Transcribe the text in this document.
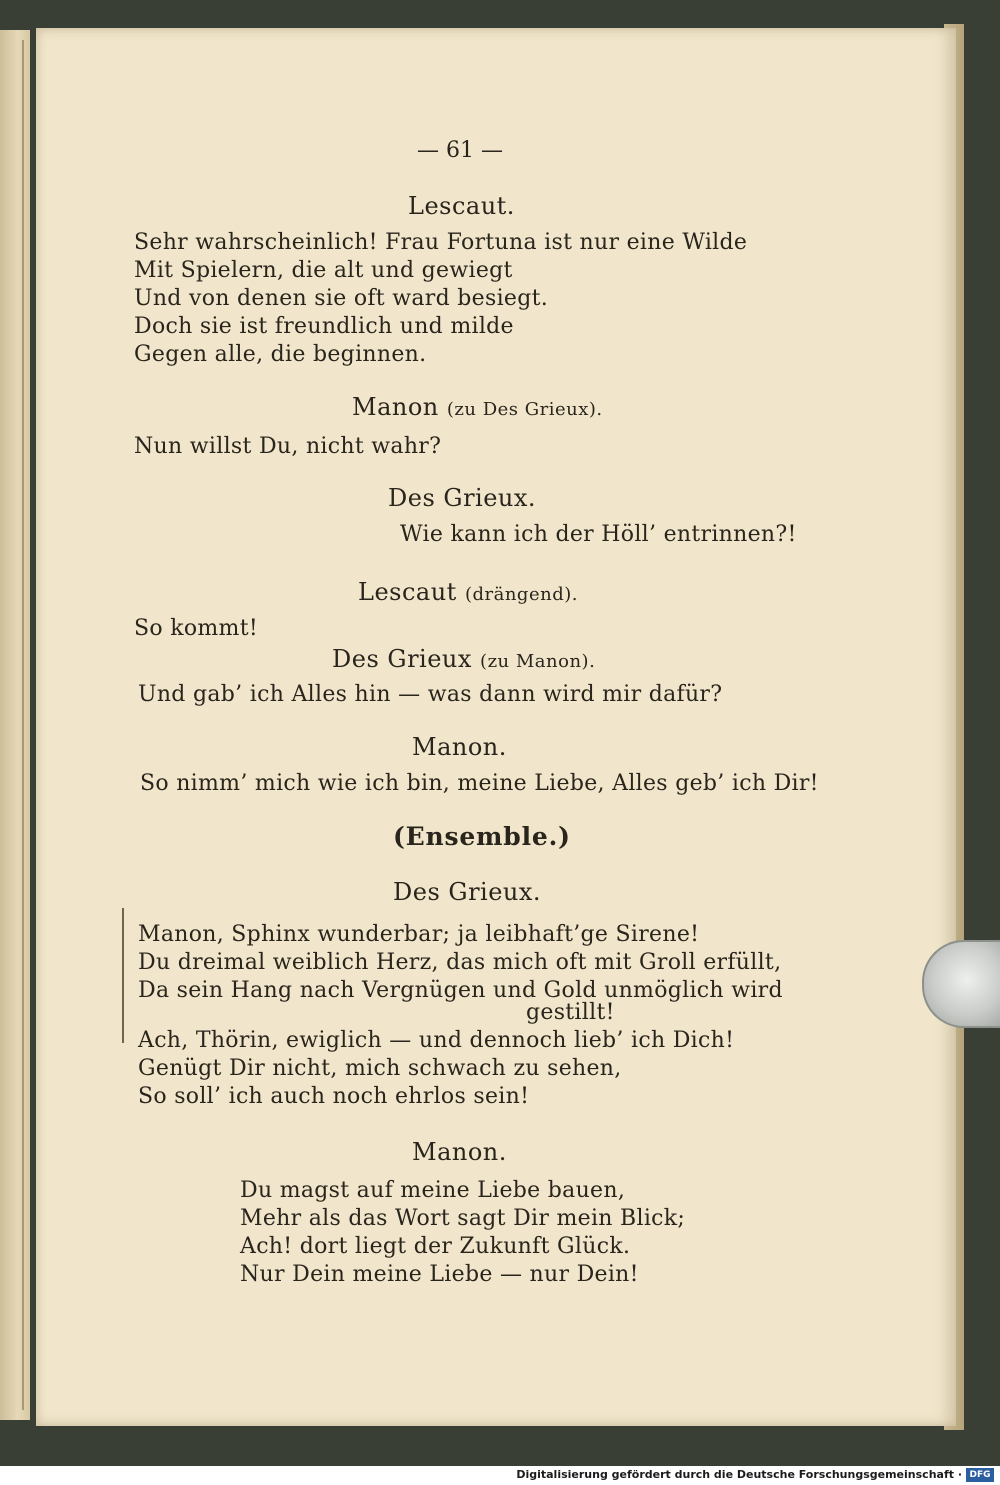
— 61 —
Lescaut.
Sehr wahrscheinlich! Frau Fortuna ist nur eine Wilde
Mit Spielern, die alt und gewiegt
Und von denen sie oft ward besiegt.
Doch sie ist freundlich und milde
Gegen alle, die beginnen.
Manon (zu Des Grieux).
Nun willst Du, nicht wahr?
Des Grieux.
Wie kann ich der Höll’ entrinnen?!
Lescaut (drängend).
So kommt!
Des Grieux (zu Manon).
Und gab’ ich Alles hin — was dann wird mir dafür?
Manon.
So nimm’ mich wie ich bin, meine Liebe, Alles geb’ ich Dir!
(Ensemble.)
Des Grieux.
Manon, Sphinx wunderbar; ja leibhaft’ge Sirene!
Du dreimal weiblich Herz, das mich oft mit Groll erfüllt,
Da sein Hang nach Vergnügen und Gold unmöglich wird
gestillt!
Ach, Thörin, ewiglich — und dennoch lieb’ ich Dich!
Genügt Dir nicht, mich schwach zu sehen,
So soll’ ich auch noch ehrlos sein!
Manon.
Du magst auf meine Liebe bauen,
Mehr als das Wort sagt Dir mein Blick;
Ach! dort liegt der Zukunft Glück.
Nur Dein meine Liebe — nur Dein!
Digitalisierung gefördert durch die Deutsche Forschungsgemeinschaft · DFG
